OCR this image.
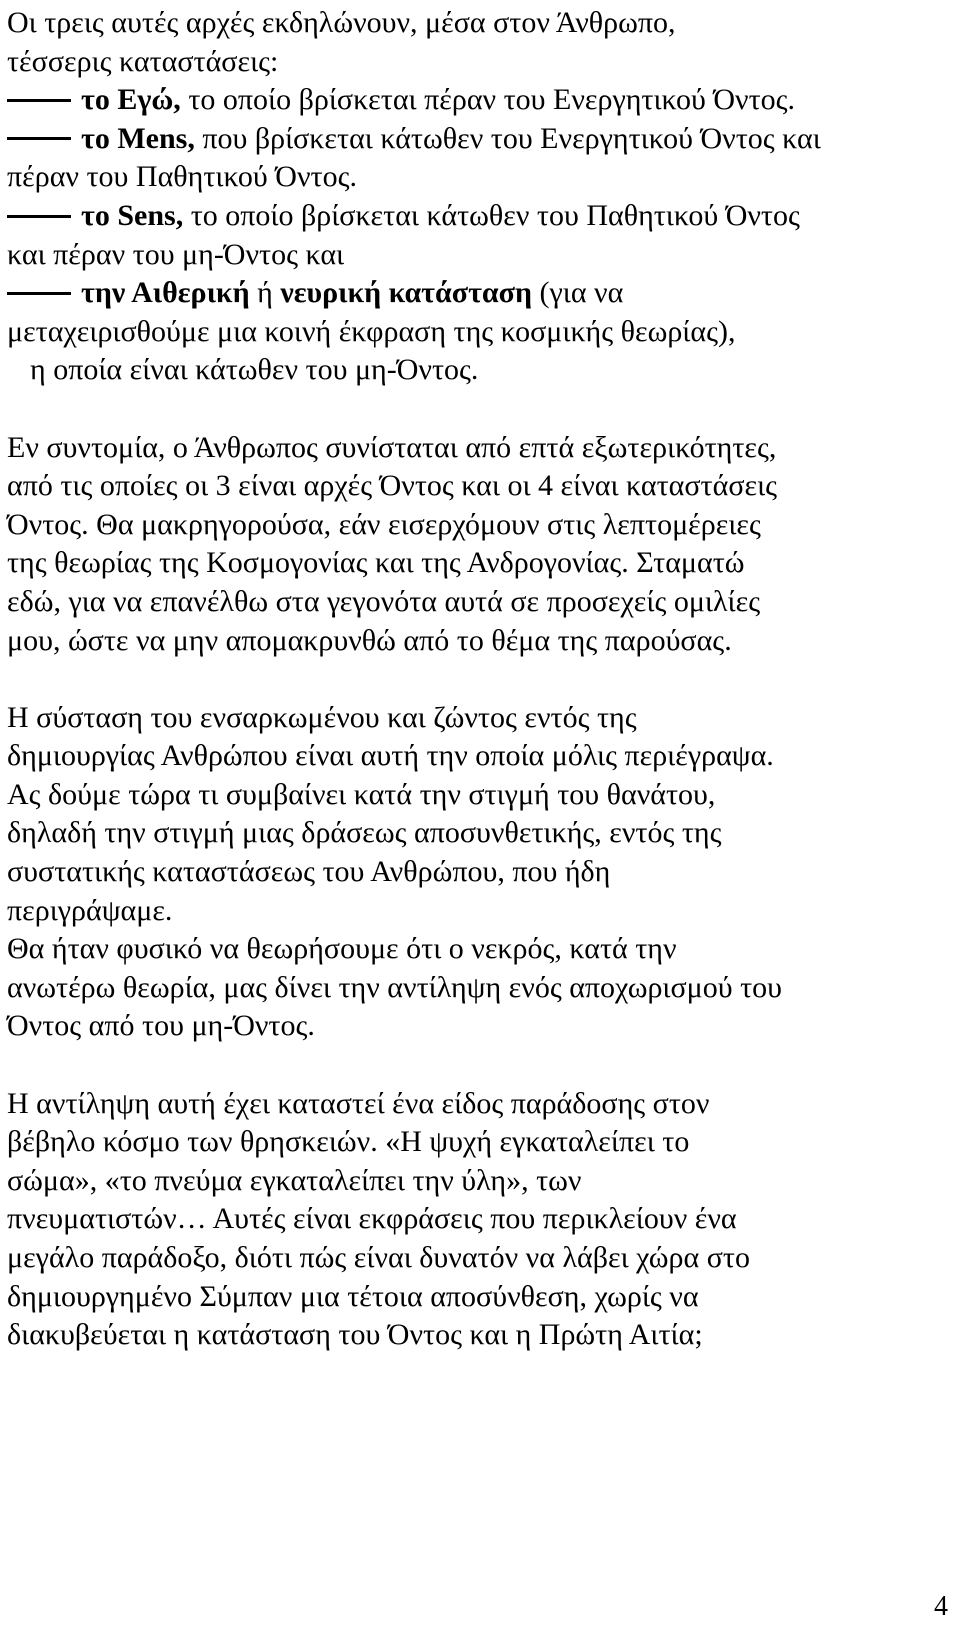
Οι τρεις αυτές αρχές εκδηλώνουν, μέσα στον Άνθρωπο,
τέσσερις καταστάσεις:
το Εγώ, το οποίο βρίσκεται πέραν του Ενεργητικού Όντος.
το Mens, που βρίσκεται κάτωθεν του Ενεργητικού Όντος και
πέραν του Παθητικού Όντος.
το Sens, το οποίο βρίσκεται κάτωθεν του Παθητικού Όντος
και πέραν του μη-Όντος και
την Αιθερική ή νευρική κατάσταση (για να
μεταχειρισθούμε μια κοινή έκφραση της κοσμικής θεωρίας),
η οποία είναι κάτωθεν του μη-Όντος.
Εν συντομία, ο Άνθρωπος συνίσταται από επτά εξωτερικότητες,
από τις οποίες οι 3 είναι αρχές Όντος και οι 4 είναι καταστάσεις
Όντος. Θα μακρηγορούσα, εάν εισερχόμουν στις λεπτομέρειες
της θεωρίας της Κοσμογονίας και της Ανδρογονίας. Σταματώ
εδώ, για να επανέλθω στα γεγονότα αυτά σε προσεχείς ομιλίες
μου, ώστε να μην απομακρυνθώ από το θέμα της παρούσας.
Η σύσταση του ενσαρκωμένου και ζώντος εντός της
δημιουργίας Ανθρώπου είναι αυτή την οποία μόλις περιέγραψα.
Ας δούμε τώρα τι συμβαίνει κατά την στιγμή του θανάτου,
δηλαδή την στιγμή μιας δράσεως αποσυνθετικής, εντός της
συστατικής καταστάσεως του Ανθρώπου, που ήδη
περιγράψαμε.
Θα ήταν φυσικό να θεωρήσουμε ότι ο νεκρός, κατά την
ανωτέρω θεωρία, μας δίνει την αντίληψη ενός αποχωρισμού του
Όντος από του μη-Όντος.
Η αντίληψη αυτή έχει καταστεί ένα είδος παράδοσης στον
βέβηλο κόσμο των θρησκειών. «Η ψυχή εγκαταλείπει το
σώμα», «το πνεύμα εγκαταλείπει την ύλη», των
πνευματιστών… Αυτές είναι εκφράσεις που περικλείουν ένα
μεγάλο παράδοξο, διότι πώς είναι δυνατόν να λάβει χώρα στο
δημιουργημένο Σύμπαν μια τέτοια αποσύνθεση, χωρίς να
διακυβεύεται η κατάσταση του Όντος και η Πρώτη Αιτία;
4
